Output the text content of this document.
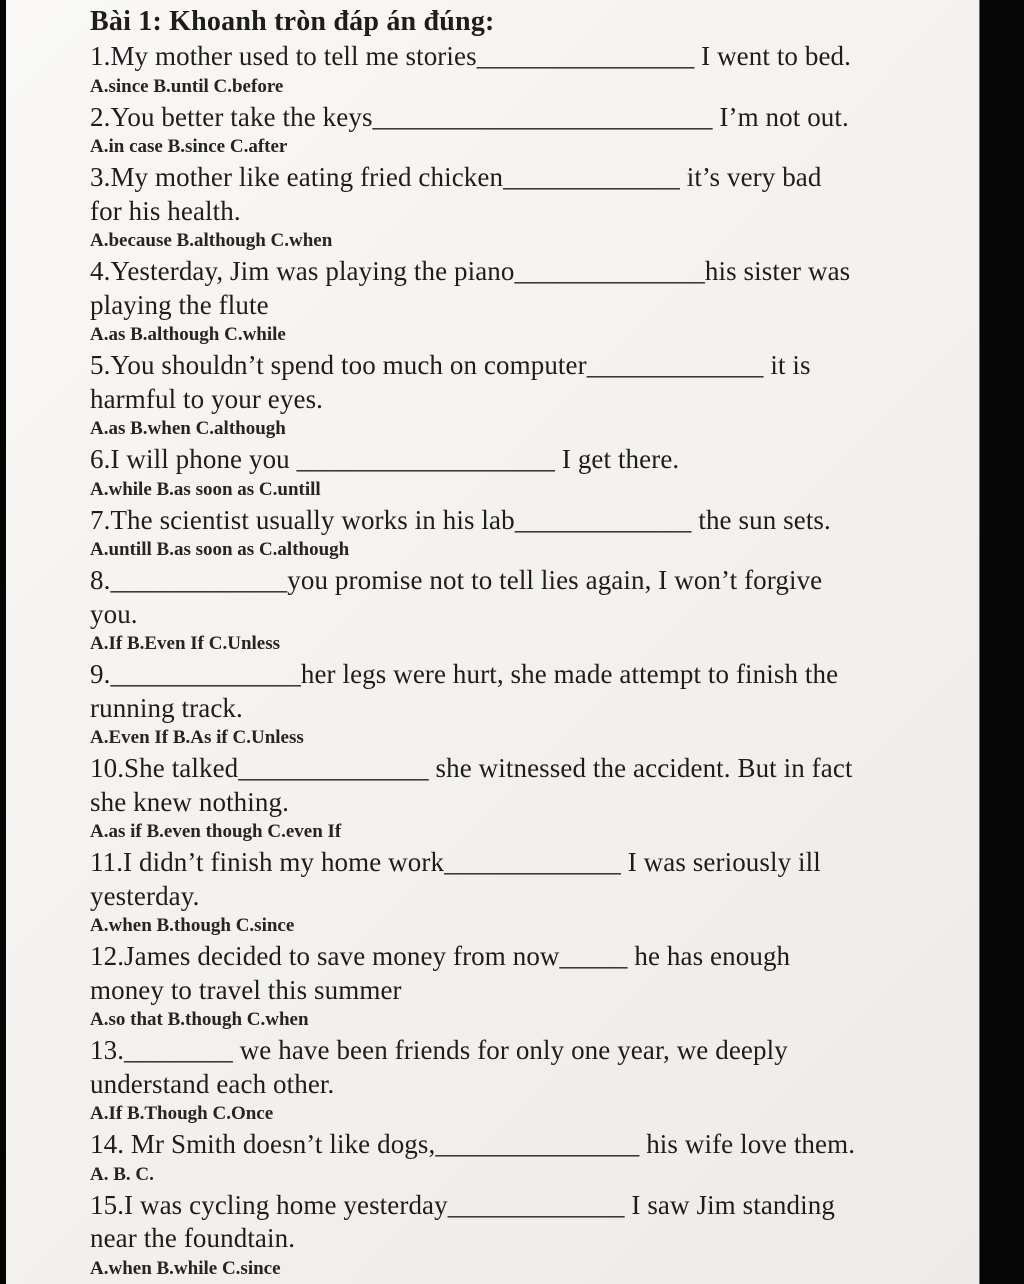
Bài 1: Khoanh tròn đáp án đúng:
1.My mother used to tell me stories________________ I went to bed.
A.since B.until C.before
2.You better take the keys_________________________ I’m not out.
A.in case B.since C.after
3.My mother like eating fried chicken_____________ it’s very bad
for his health.
A.because B.although C.when
4.Yesterday, Jim was playing the piano______________his sister was
playing the flute
A.as B.although C.while
5.You shouldn’t spend too much on computer_____________ it is
harmful to your eyes.
A.as B.when C.although
6.I will phone you ___________________ I get there.
A.while B.as soon as C.untill
7.The scientist usually works in his lab_____________ the sun sets.
A.untill B.as soon as C.although
8._____________you promise not to tell lies again, I won’t forgive
you.
A.If B.Even If C.Unless
9.______________her legs were hurt, she made attempt to finish the
running track.
A.Even If B.As if C.Unless
10.She talked______________ she witnessed the accident. But in fact
she knew nothing.
A.as if B.even though C.even If
11.I didn’t finish my home work_____________ I was seriously ill
yesterday.
A.when B.though C.since
12.James decided to save money from now_____ he has enough
money to travel this summer
A.so that B.though C.when
13.________ we have been friends for only one year, we deeply
understand each other.
A.If B.Though C.Once
14. Mr Smith doesn’t like dogs,_______________ his wife love them.
A. B. C.
15.I was cycling home yesterday_____________ I saw Jim standing
near the foundtain.
A.when B.while C.since
